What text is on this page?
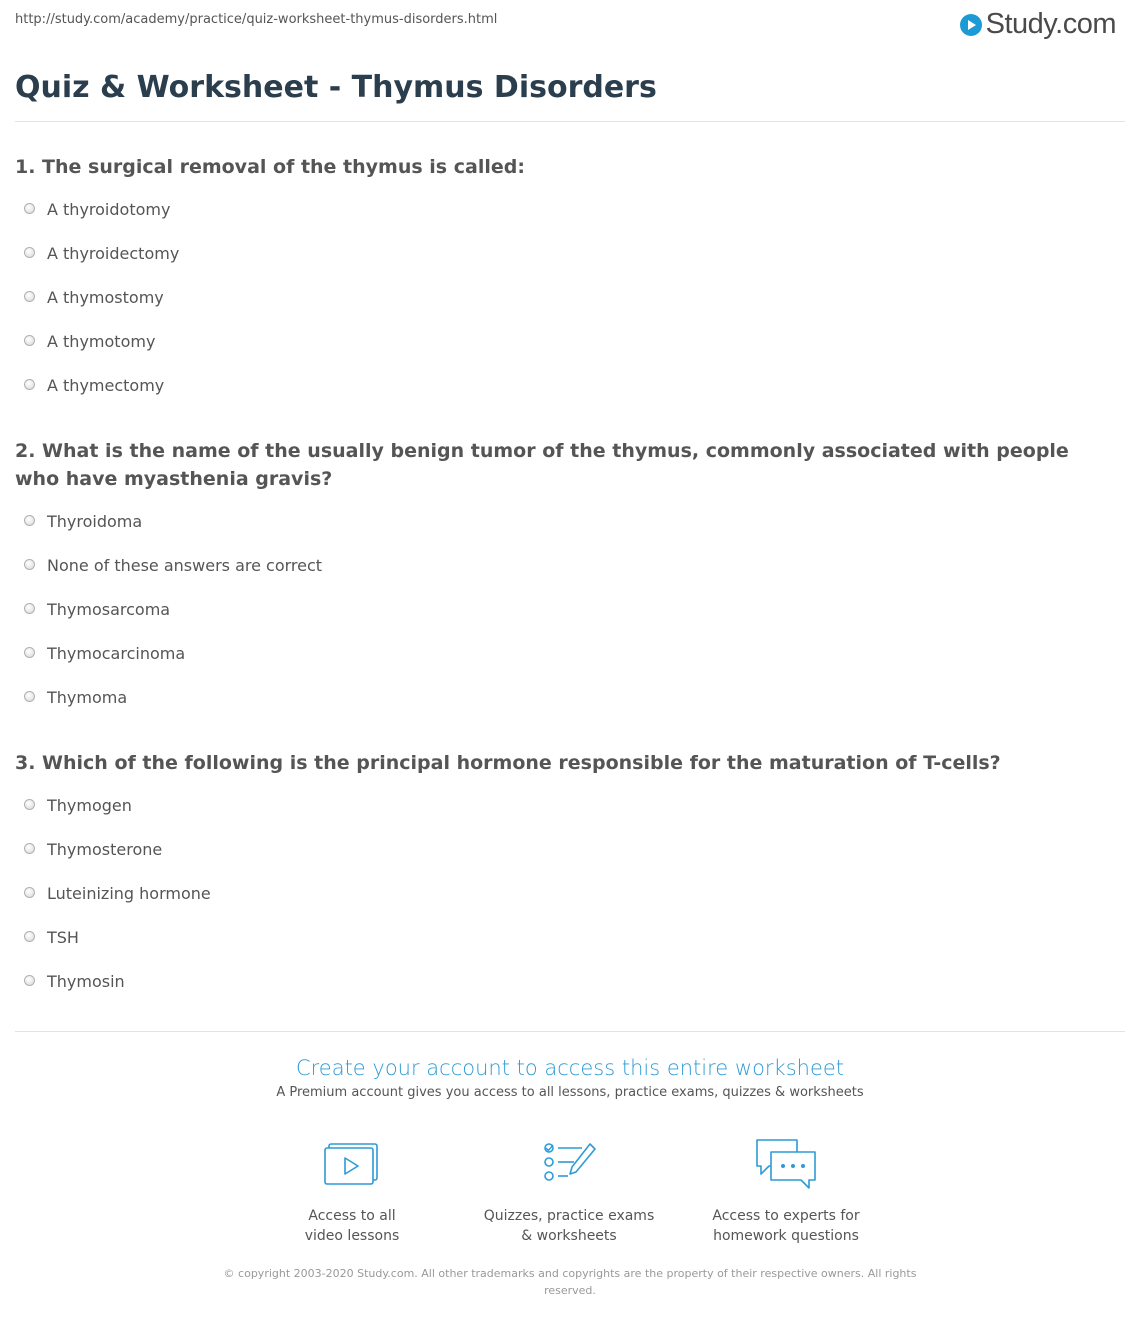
http://study.com/academy/practice/quiz-worksheet-thymus-disorders.html	Study.com
Quiz & Worksheet - Thymus Disorders
1. The surgical removal of the thymus is called:
A thyroidotomy
A thyroidectomy
A thymostomy
A thymotomy
A thymectomy
2. What is the name of the usually benign tumor of the thymus, commonly associated with people who have myasthenia gravis?
Thyroidoma
None of these answers are correct
Thymosarcoma
Thymocarcinoma
Thymoma
3. Which of the following is the principal hormone responsible for the maturation of T-cells?
Thymogen
Thymosterone
Luteinizing hormone
TSH
Thymosin
Create your account to access this entire worksheet
A Premium account gives you access to all lessons, practice exams, quizzes & worksheets
Access to all
video lessons
Quizzes, practice exams
& worksheets
Access to experts for
homework questions
© copyright 2003-2020 Study.com. All other trademarks and copyrights are the property of their respective owners. All rights reserved.
